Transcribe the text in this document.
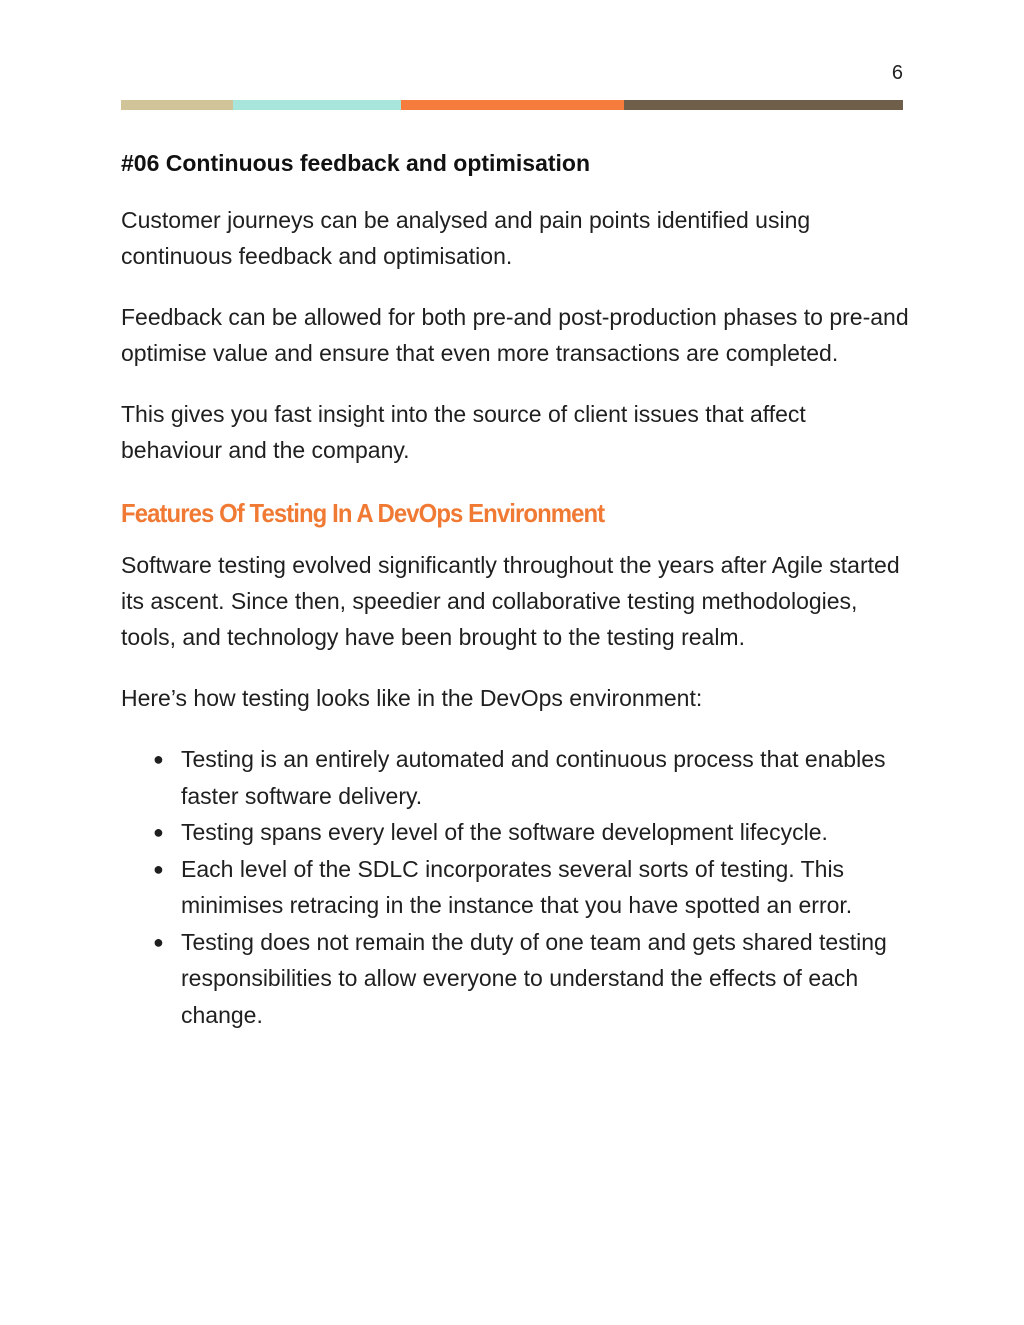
6
#06 Continuous feedback and optimisation

Customer journeys can be analysed and pain points identified using continuous feedback and optimisation.

Feedback can be allowed for both pre-and post-production phases to pre-and optimise value and ensure that even more transactions are completed.

This gives you fast insight into the source of client issues that affect behaviour and the company.

Features Of Testing In A DevOps Environment

Software testing evolved significantly throughout the years after Agile started its ascent. Since then, speedier and collaborative testing methodologies, tools, and technology have been brought to the testing realm.

Here’s how testing looks like in the DevOps environment:

● Testing is an entirely automated and continuous process that enables faster software delivery.
● Testing spans every level of the software development lifecycle.
● Each level of the SDLC incorporates several sorts of testing. This minimises retracing in the instance that you have spotted an error.
● Testing does not remain the duty of one team and gets shared testing responsibilities to allow everyone to understand the effects of each change.
